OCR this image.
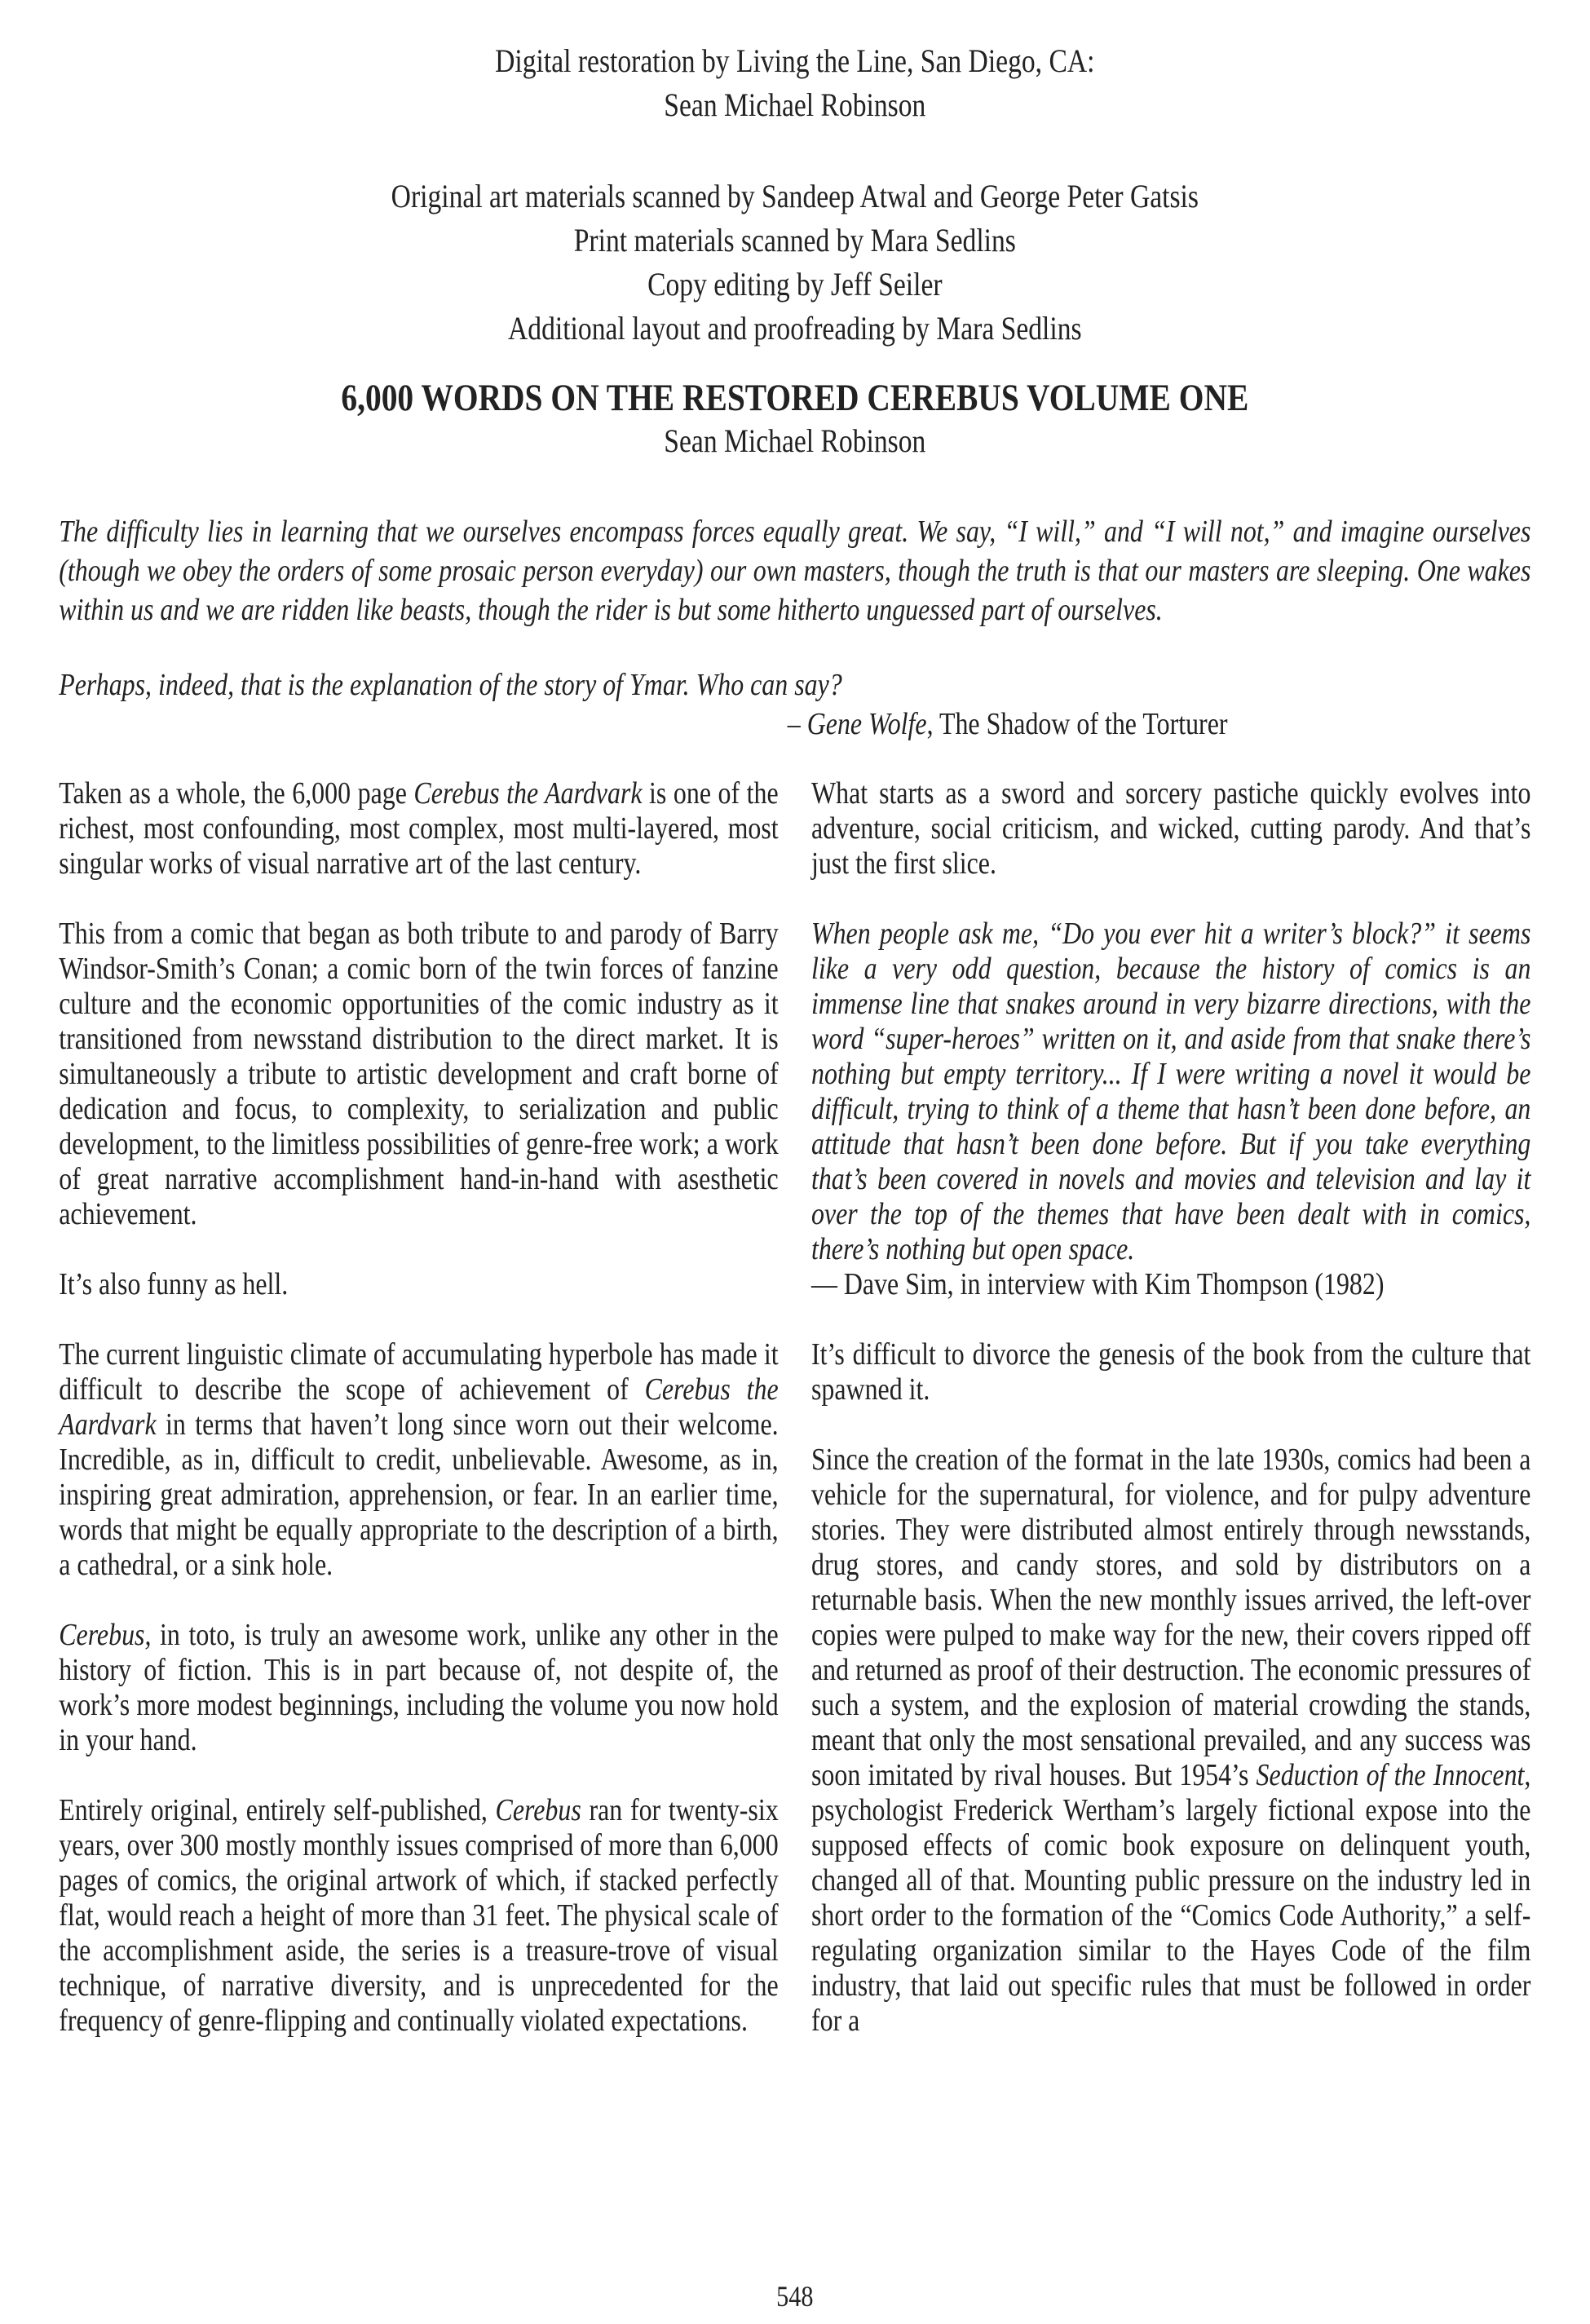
Digital restoration by Living the Line, San Diego, CA:

Sean Michael Robinson

Original art materials scanned by Sandeep Atwal and George Peter Gatsis

Print materials scanned by Mara Sedlins

Copy editing by Jeff Seiler

Additional layout and proofreading by Mara Sedlins

6,000 WORDS ON THE RESTORED CEREBUS VOLUME ONE
Sean Michael Robinson

The difficulty lies in learning that we ourselves encompass forces equally great. We say, “I will,” and “I will not,” and imagine ourselves (though we obey the orders of some prosaic person everyday) our own masters, though the truth is that our masters are sleeping. One wakes within us and we are ridden like beasts, though the rider is but some hitherto unguessed part of ourselves.

Perhaps, indeed, that is the explanation of the story of Ymar. Who can say?

– Gene Wolfe, The Shadow of the Torturer

Taken as a whole, the 6,000 page Cerebus the Aardvark is one of the richest, most confounding, most complex, most multi-layered, most singular works of visual narrative art of the last century.

This from a comic that began as both tribute to and parody of Barry Windsor-Smith’s Conan; a comic born of the twin forces of fanzine culture and the economic opportunities of the comic industry as it transitioned from newsstand distribution to the direct market. It is simultaneously a tribute to artistic development and craft borne of dedication and focus, to complexity, to serialization and public development, to the limitless possibilities of genre-free work; a work of great narrative accomplishment hand-in-hand with asesthetic achievement.

It’s also funny as hell.

The current linguistic climate of accumulating hyperbole has made it difficult to describe the scope of achievement of Cerebus the Aardvark in terms that haven’t long since worn out their welcome. Incredible, as in, difficult to credit, unbelievable. Awesome, as in, inspiring great admiration, apprehension, or fear. In an earlier time, words that might be equally appropriate to the description of a birth, a cathedral, or a sink hole.

Cerebus, in toto, is truly an awesome work, unlike any other in the history of fiction. This is in part because of, not despite of, the work’s more modest beginnings, including the volume you now hold in your hand.

Entirely original, entirely self-published, Cerebus ran for twenty-six years, over 300 mostly monthly issues comprised of more than 6,000 pages of comics, the original artwork of which, if stacked perfectly flat, would reach a height of more than 31 feet. The physical scale of the accomplishment aside, the series is a treasure-trove of visual technique, of narrative diversity, and is unprecedented for the frequency of genre-flipping and continually violated expectations.

What starts as a sword and sorcery pastiche quickly evolves into adventure, social criticism, and wicked, cutting parody. And that’s just the first slice.

When people ask me, “Do you ever hit a writer’s block?” it seems like a very odd question, because the history of comics is an immense line that snakes around in very bizarre directions, with the word “super-heroes” written on it, and aside from that snake there’s nothing but empty territory... If I were writing a novel it would be difficult, trying to think of a theme that hasn’t been done before, an attitude that hasn’t been done before. But if you take everything that’s been covered in novels and movies and television and lay it over the top of the themes that have been dealt with in comics, there’s nothing but open space.

— Dave Sim, in interview with Kim Thompson (1982)

It’s difficult to divorce the genesis of the book from the culture that spawned it.

Since the creation of the format in the late 1930s, comics had been a vehicle for the supernatural, for violence, and for pulpy adventure stories. They were distributed almost entirely through newsstands, drug stores, and candy stores, and sold by distributors on a returnable basis. When the new monthly issues arrived, the left-over copies were pulped to make way for the new, their covers ripped off and returned as proof of their destruction. The economic pressures of such a system, and the explosion of material crowding the stands, meant that only the most sensational prevailed, and any success was soon imitated by rival houses. But 1954’s Seduction of the Innocent, psychologist Frederick Wertham’s largely fictional expose into the supposed effects of comic book exposure on delinquent youth, changed all of that. Mounting public pressure on the industry led in short order to the formation of the “Comics Code Authority,” a self-regulating organization similar to the Hayes Code of the film industry, that laid out specific rules that must be followed in order for a

548
